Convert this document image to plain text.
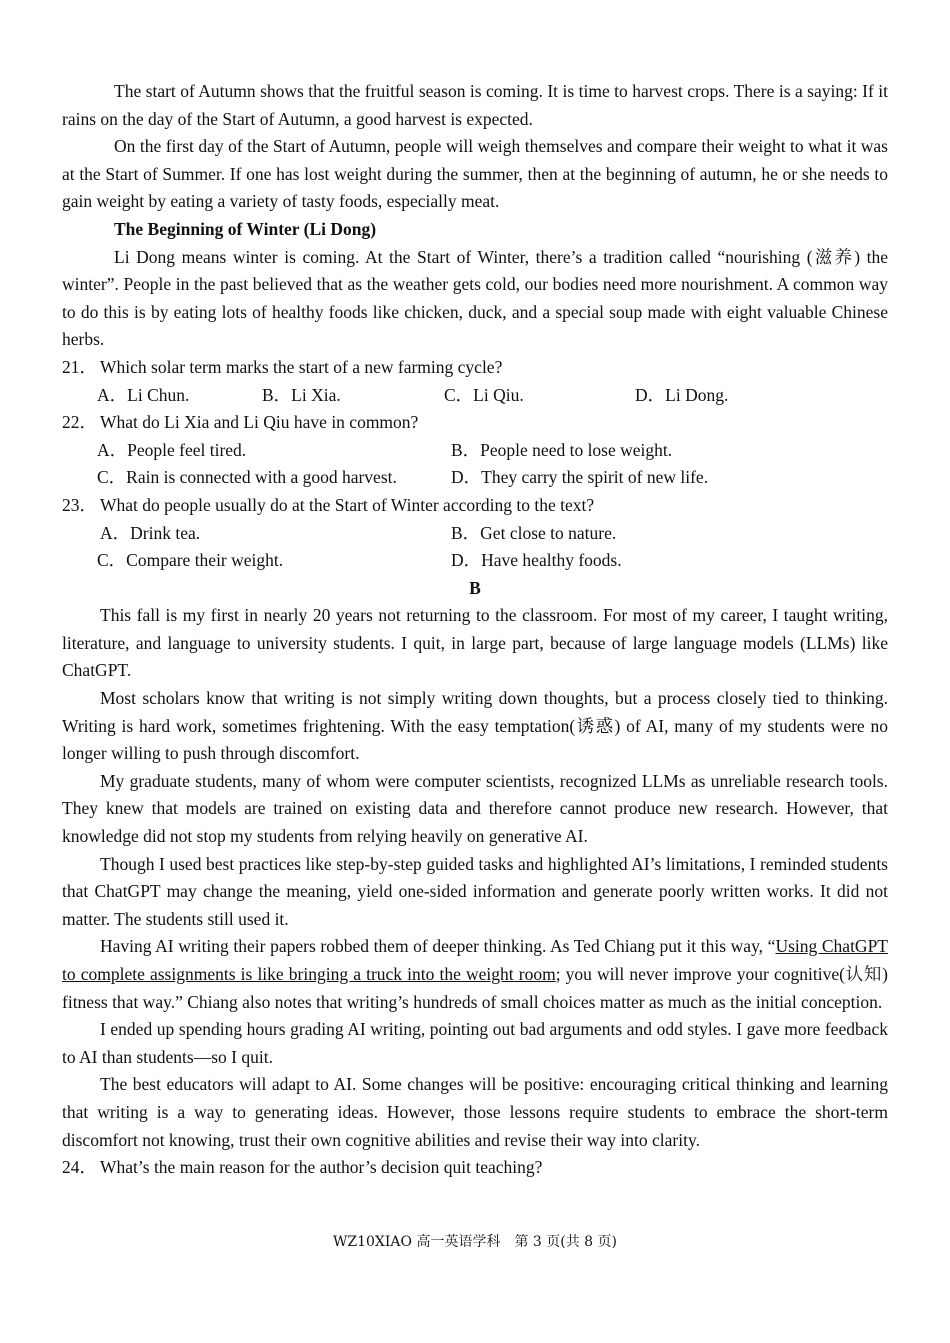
The start of Autumn shows that the fruitful season is coming. It is time to harvest crops. There is a saying: If it rains on the day of the Start of Autumn, a good harvest is expected.

On the first day of the Start of Autumn, people will weigh themselves and compare their weight to what it was at the Start of Summer. If one has lost weight during the summer, then at the beginning of autumn, he or she needs to gain weight by eating a variety of tasty foods, especially meat.

The Beginning of Winter (Li Dong)

Li Dong means winter is coming. At the Start of Winter, there’s a tradition called “nourishing (滋养) the winter”. People in the past believed that as the weather gets cold, our bodies need more nourishment. A common way to do this is by eating lots of healthy foods like chicken, duck, and a special soup made with eight valuable Chinese herbs.

21． Which solar term marks the start of a new farming cycle?

A．Li Chun.	B．Li Xia.	C．Li Qiu.	D．Li Dong.

22． What do Li Xia and Li Qiu have in common?

A．People feel tired.	B．People need to lose weight.
C．Rain is connected with a good harvest.	D．They carry the spirit of new life.

23． What do people usually do at the Start of Winter according to the text?

A．Drink tea.	B．Get close to nature.
C．Compare their weight.	D．Have healthy foods.

B

This fall is my first in nearly 20 years not returning to the classroom. For most of my career, I taught writing, literature, and language to university students. I quit, in large part, because of large language models (LLMs) like ChatGPT.

Most scholars know that writing is not simply writing down thoughts, but a process closely tied to thinking. Writing is hard work, sometimes frightening. With the easy temptation(诱惑) of AI, many of my students were no longer willing to push through discomfort.

My graduate students, many of whom were computer scientists, recognized LLMs as unreliable research tools. They knew that models are trained on existing data and therefore cannot produce new research. However, that knowledge did not stop my students from relying heavily on generative AI.

Though I used best practices like step-by-step guided tasks and highlighted AI’s limitations, I reminded students that ChatGPT may change the meaning, yield one-sided information and generate poorly written works. It did not matter. The students still used it.

Having AI writing their papers robbed them of deeper thinking. As Ted Chiang put it this way, “Using ChatGPT to complete assignments is like bringing a truck into the weight room; you will never improve your cognitive(认知) fitness that way.” Chiang also notes that writing’s hundreds of small choices matter as much as the initial conception.

I ended up spending hours grading AI writing, pointing out bad arguments and odd styles. I gave more feedback to AI than students—so I quit.

The best educators will adapt to AI. Some changes will be positive: encouraging critical thinking and learning that writing is a way to generating ideas. However, those lessons require students to embrace the short-term discomfort not knowing, trust their own cognitive abilities and revise their way into clarity.

24． What’s the main reason for the author’s decision quit teaching?

WZ10XIAO 高一英语学科　第 3 页(共 8 页)
